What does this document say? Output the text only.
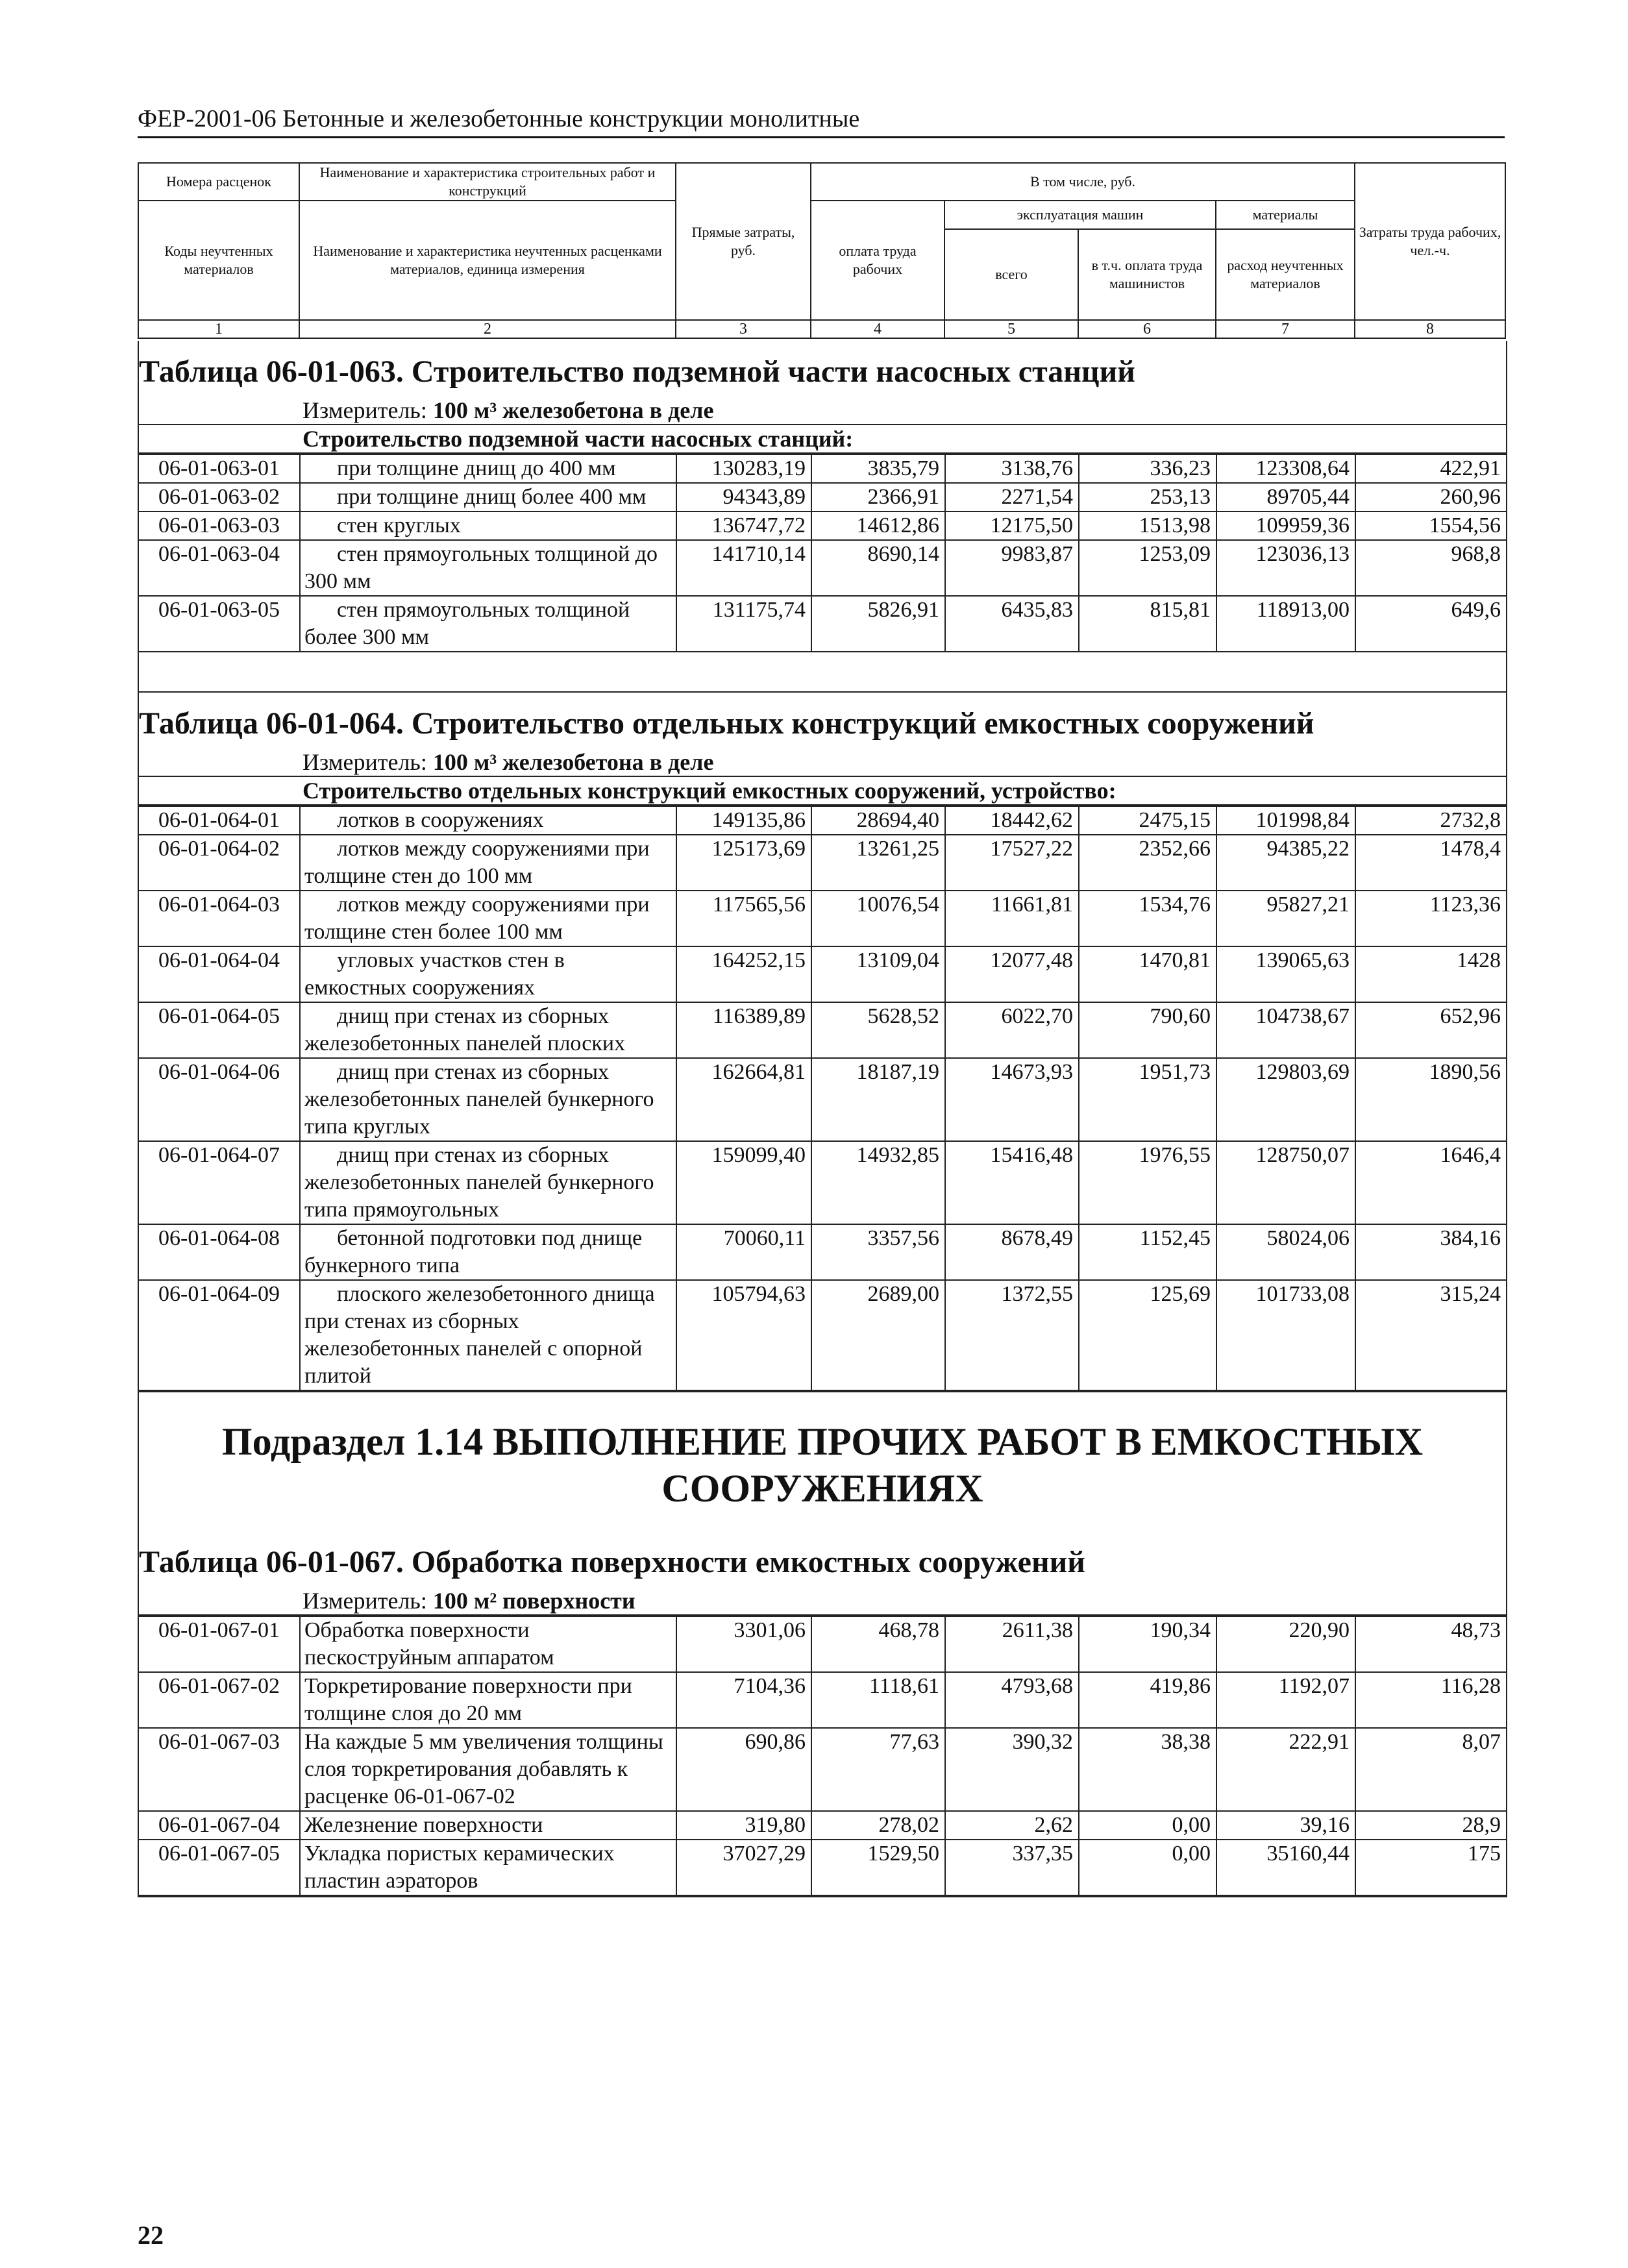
ФЕР-2001-06 Бетонные и железобетонные конструкции монолитные
Номера расценок	Наименование и характеристика строительных работ и конструкций	Прямые затраты, руб.	В том числе, руб.				Затраты труда рабочих, чел.-ч.
Коды неучтенных материалов	Наименование и характеристика неучтенных расценками материалов, единица измерения		оплата труда рабочих	эксплуатация машин		материалы	
				всего	в т.ч. оплата труда машинистов	расход неучтенных материалов	

1	2	3	4	5	6	7	8
Таблица 06-01-063. Строительство подземной части насосных станций
Измеритель: 100 м³ железобетона в деле
Строительство подземной части насосных станций:
06-01-063-01	при толщине днищ до 400 мм	130283,19	3835,79	3138,76	336,23	123308,64	422,91
06-01-063-02	при толщине днищ более 400 мм	94343,89	2366,91	2271,54	253,13	89705,44	260,96
06-01-063-03	стен круглых	136747,72	14612,86	12175,50	1513,98	109959,36	1554,56
06-01-063-04	стен прямоугольных толщиной до 300 мм	141710,14	8690,14	9983,87	1253,09	123036,13	968,8
06-01-063-05	стен прямоугольных толщиной более 300 мм	131175,74	5826,91	6435,83	815,81	118913,00	649,6
Таблица 06-01-064. Строительство отдельных конструкций емкостных сооружений
Измеритель: 100 м³ железобетона в деле
Строительство отдельных конструкций емкостных сооружений, устройство:
06-01-064-01	лотков в сооружениях	149135,86	28694,40	18442,62	2475,15	101998,84	2732,8
06-01-064-02	лотков между сооружениями при толщине стен до 100 мм	125173,69	13261,25	17527,22	2352,66	94385,22	1478,4
06-01-064-03	лотков между сооружениями при толщине стен более 100 мм	117565,56	10076,54	11661,81	1534,76	95827,21	1123,36
06-01-064-04	угловых участков стен в емкостных сооружениях	164252,15	13109,04	12077,48	1470,81	139065,63	1428
06-01-064-05	днищ при стенах из сборных железобетонных панелей плоских	116389,89	5628,52	6022,70	790,60	104738,67	652,96
06-01-064-06	днищ при стенах из сборных железобетонных панелей бункерного типа круглых	162664,81	18187,19	14673,93	1951,73	129803,69	1890,56
06-01-064-07	днищ при стенах из сборных железобетонных панелей бункерного типа прямоугольных	159099,40	14932,85	15416,48	1976,55	128750,07	1646,4
06-01-064-08	бетонной подготовки под днище бункерного типа	70060,11	3357,56	8678,49	1152,45	58024,06	384,16
06-01-064-09	плоского железобетонного днища при стенах из сборных железобетонных панелей с опорной плитой	105794,63	2689,00	1372,55	125,69	101733,08	315,24
Подраздел 1.14 ВЫПОЛНЕНИЕ ПРОЧИХ РАБОТ В ЕМКОСТНЫХ СООРУЖЕНИЯХ
Таблица 06-01-067. Обработка поверхности емкостных сооружений
Измеритель: 100 м² поверхности
06-01-067-01	Обработка поверхности пескоструйным аппаратом	3301,06	468,78	2611,38	190,34	220,90	48,73
06-01-067-02	Торкретирование поверхности при толщине слоя до 20 мм	7104,36	1118,61	4793,68	419,86	1192,07	116,28
06-01-067-03	На каждые 5 мм увеличения толщины слоя торкретирования добавлять к расценке 06-01-067-02	690,86	77,63	390,32	38,38	222,91	8,07
06-01-067-04	Железнение поверхности	319,80	278,02	2,62	0,00	39,16	28,9
06-01-067-05	Укладка пористых керамических пластин аэраторов	37027,29	1529,50	337,35	0,00	35160,44	175
22
